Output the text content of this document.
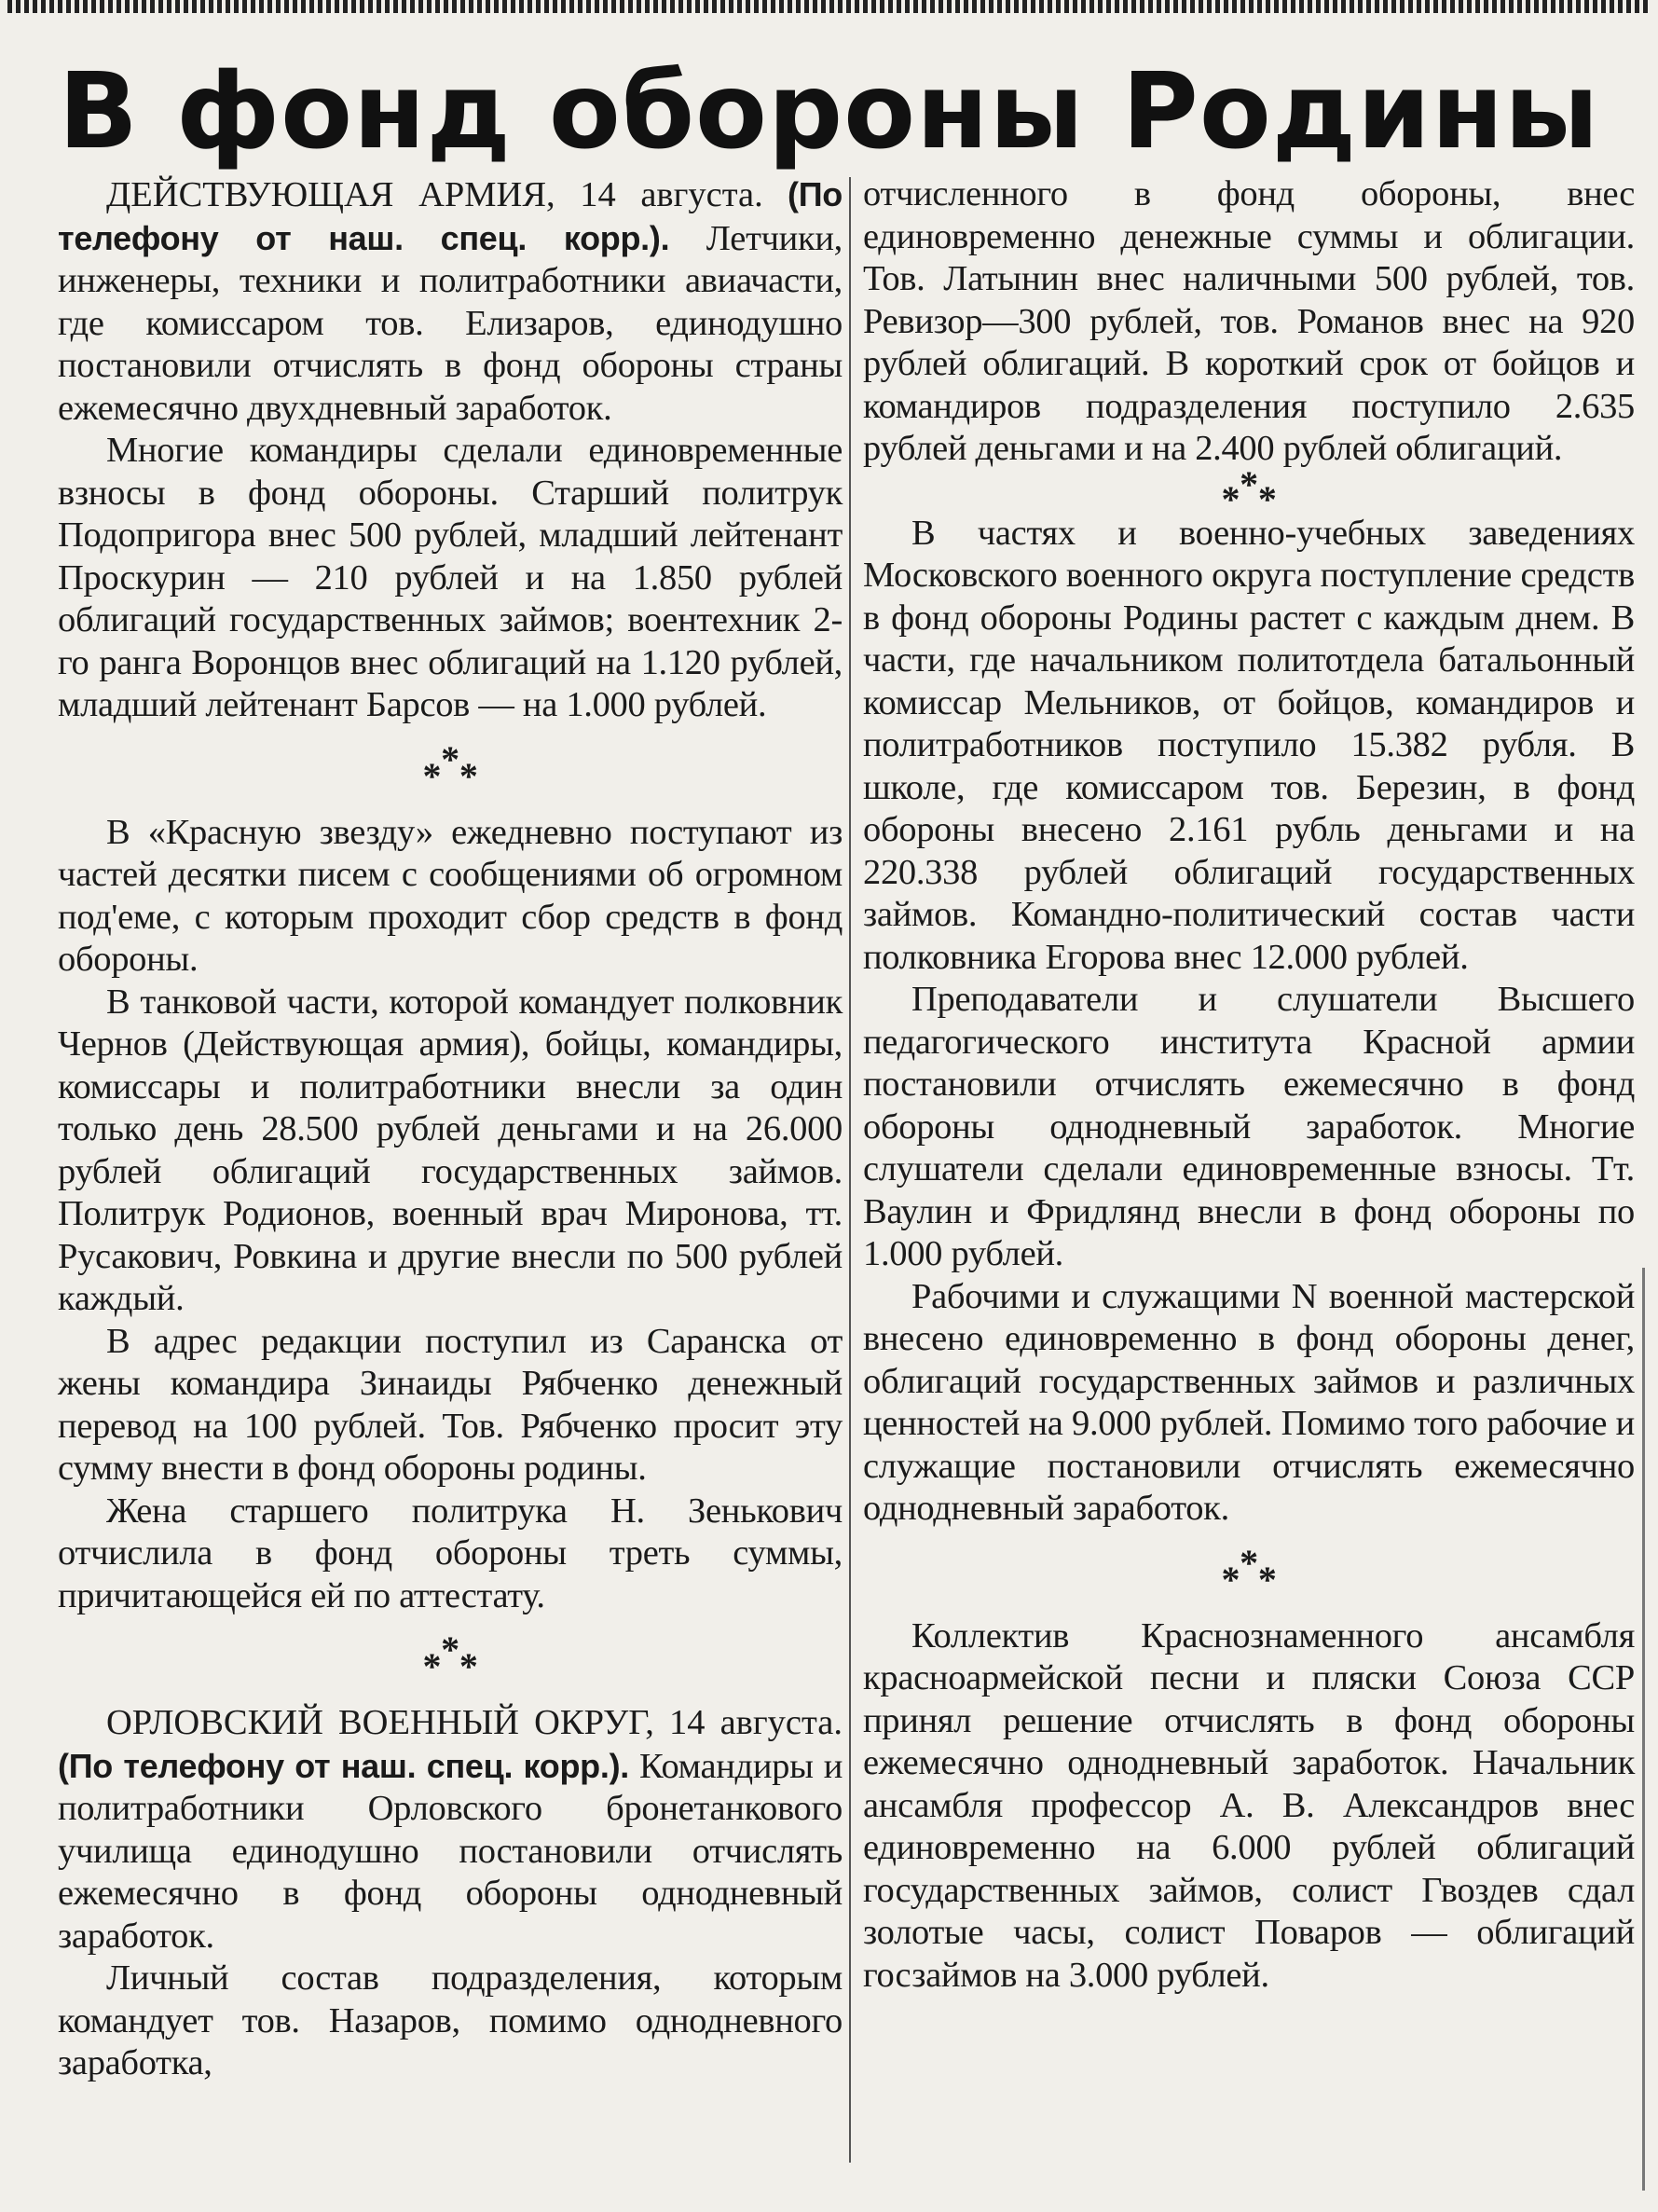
В фонд обороны Родины

ДЕЙСТВУЮЩАЯ АРМИЯ, 14 августа. (По телефону от наш. спец. корр.). Летчики, инженеры, техники и политработники авиачасти, где комиссаром тов. Елизаров, единодушно постановили отчислять в фонд обороны страны ежемесячно двухдневный заработок.

Многие командиры сделали единовременные взносы в фонд обороны. Старший политрук Подопригора внес 500 рублей, младший лейтенант Проскурин — 210 рублей и на 1.850 рублей облигаций государственных займов; воентехник 2-го ранга Воронцов внес облигаций на 1.120 рублей, младший лейтенант Барсов — на 1.000 рублей.

***

В «Красную звезду» ежедневно поступают из частей десятки писем с сообщениями об огромном под'еме, с которым проходит сбор средств в фонд обороны.

В танковой части, которой командует полковник Чернов (Действующая армия), бойцы, командиры, комиссары и политработники внесли за один только день 28.500 рублей деньгами и на 26.000 рублей облигаций государственных займов. Политрук Родионов, военный врач Миронова, тт. Русакович, Ровкина и другие внесли по 500 рублей каждый.

В адрес редакции поступил из Саранска от жены командира Зинаиды Рябченко денежный перевод на 100 рублей. Тов. Рябченко просит эту сумму внести в фонд обороны родины.

Жена старшего политрука Н. Зенькович отчислила в фонд обороны треть суммы, причитающейся ей по аттестату.

***

ОРЛОВСКИЙ ВОЕННЫЙ ОКРУГ, 14 августа. (По телефону от наш. спец. корр.). Командиры и политработники Орловского бронетанкового училища единодушно постановили отчислять ежемесячно в фонд обороны однодневный заработок.

Личный состав подразделения, которым командует тов. Назаров, помимо однодневного заработка,

отчисленного в фонд обороны, внес единовременно денежные суммы и облигации. Тов. Латынин внес наличными 500 рублей, тов. Ревизор—300 рублей, тов. Романов внес на 920 рублей облигаций. В короткий срок от бойцов и командиров подразделения поступило 2.635 рублей деньгами и на 2.400 рублей облигаций.

***

В частях и военно-учебных заведениях Московского военного округа поступление средств в фонд обороны Родины растет с каждым днем. В части, где начальником политотдела батальонный комиссар Мельников, от бойцов, командиров и политработников поступило 15.382 рубля. В школе, где комиссаром тов. Березин, в фонд обороны внесено 2.161 рубль деньгами и на 220.338 рублей облигаций государственных займов. Командно-политический состав части полковника Егорова внес 12.000 рублей.

Преподаватели и слушатели Высшего педагогического института Красной армии постановили отчислять ежемесячно в фонд обороны однодневный заработок. Многие слушатели сделали единовременные взносы. Тт. Ваулин и Фридлянд внесли в фонд обороны по 1.000 рублей.

Рабочими и служащими N военной мастерской внесено единовременно в фонд обороны денег, облигаций государственных займов и различных ценностей на 9.000 рублей. Помимо того рабочие и служащие постановили отчислять ежемесячно однодневный заработок.

***

Коллектив Краснознаменного ансамбля красноармейской песни и пляски Союза ССР принял решение отчислять в фонд обороны ежемесячно однодневный заработок. Начальник ансамбля профессор А. В. Александров внес единовременно на 6.000 рублей облигаций государственных займов, солист Гвоздев сдал золотые часы, солист Поваров — облигаций госзаймов на 3.000 рублей.
